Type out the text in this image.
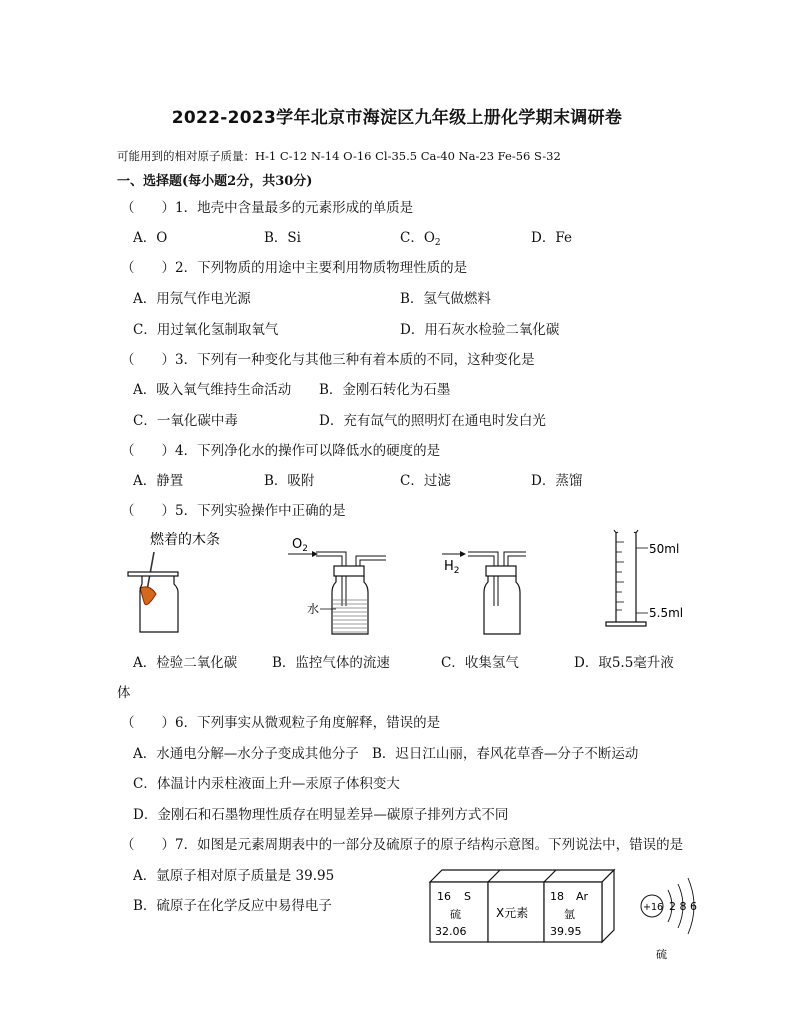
2022-2023学年北京市海淀区九年级上册化学期末调研卷
可能用到的相对原子质量：H-1 C-12 N-14 O-16 Cl-35.5 Ca-40 Na-23 Fe-56 S-32
一、选择题(每小题2分，共30分)
（　　）1．地壳中含量最多的元素形成的单质是
A．O	B．Si	C．$O_2$	D．Fe
（　　）2．下列物质的用途中主要利用物质物理性质的是
A．用氖气作电光源	B．氢气做燃料
C．用过氧化氢制取氧气	D．用石灰水检验二氧化碳
（　　）3．下列有一种变化与其他三种有着本质的不同，这种变化是
A．吸入氧气维持生命活动 B．金刚石转化为石墨
C．一氧化碳中毒	D．充有氙气的照明灯在通电时发白光
（　　）4．下列净化水的操作可以降低水的硬度的是
A．静置	B．吸附	C．过滤	D．蒸馏
（　　）5．下列实验操作中正确的是
燃着的木条	$O_2$
水
$H_2$
50ml
5.5ml
A．检验二氧化碳	B．监控气体的流速	C．收集氢气	D．取5.5毫升液
体
（　　）6．下列事实从微观粒子角度解释，错误的是
A．水通电分解—水分子变成其他分子 B．迟日江山丽，春风花草香—分子不断运动
C．体温计内汞柱液面上升—汞原子体积变大
D．金刚石和石墨物理性质存在明显差异—碳原子排列方式不同
（　　）7．如图是元素周期表中的一部分及硫原子的原子结构示意图。下列说法中，错误的是
A．氩原子相对原子质量是 39.95
B．硫原子在化学反应中易得电子
16 S
硫
32.06
X元素
18 Ar
氩
39.95
+16 2 8 6
硫
